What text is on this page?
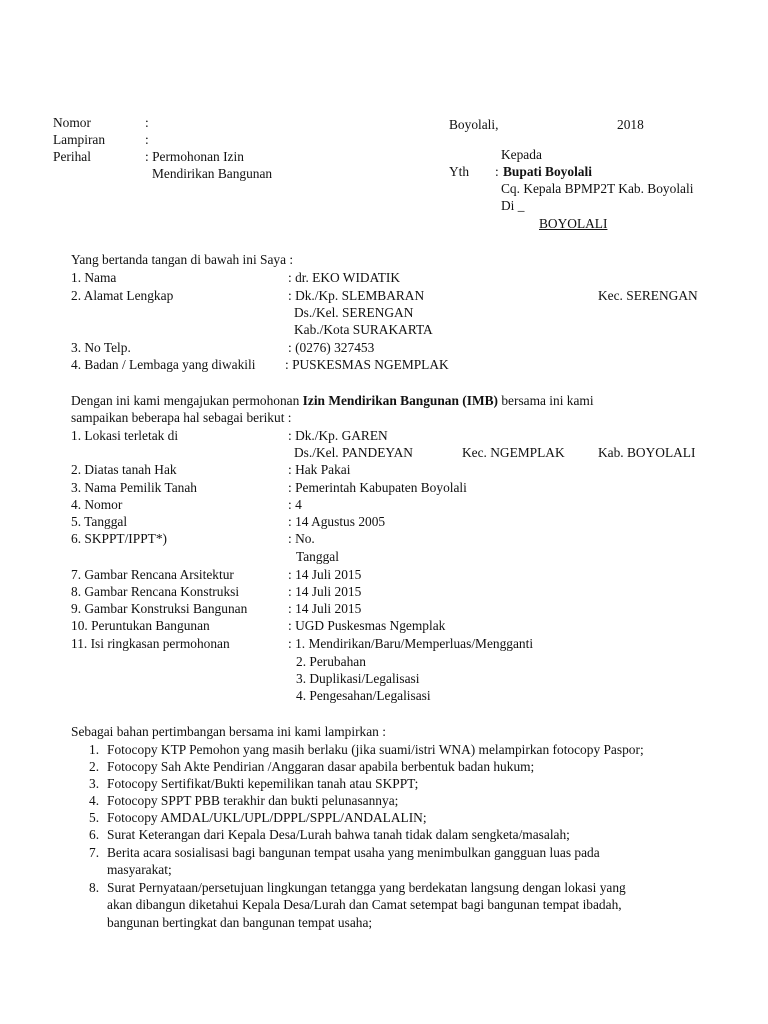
Nomor	:
Lampiran	:
Perihal	: Permohonan Izin
Mendirikan Bangunan
Boyolali,	2018
Kepada
Yth : Bupati Boyolali
Cq. Kepala BPMP2T Kab. Boyolali
Di _
BOYOLALI
Yang bertanda tangan di bawah ini Saya :
1. Nama	: dr. EKO WIDATIK
2. Alamat Lengkap	: Dk./Kp. SLEMBARAN	Kec. SERENGAN
Ds./Kel. SERENGAN
Kab./Kota SURAKARTA
3. No Telp.	: (0276) 327453
4. Badan / Lembaga yang diwakili : PUSKESMAS NGEMPLAK
Dengan ini kami mengajukan permohonan Izin Mendirikan Bangunan (IMB) bersama ini kami
sampaikan beberapa hal sebagai berikut :
1. Lokasi terletak di	: Dk./Kp. GAREN
Ds./Kel. PANDEYAN	Kec. NGEMPLAK Kab. BOYOLALI
2. Diatas tanah Hak	: Hak Pakai
3. Nama Pemilik Tanah	: Pemerintah Kabupaten Boyolali
4. Nomor	: 4
5. Tanggal	: 14 Agustus 2005
6. SKPPT/IPPT*)	: No.
Tanggal
7. Gambar Rencana Arsitektur	: 14 Juli 2015
8. Gambar Rencana Konstruksi	: 14 Juli 2015
9. Gambar Konstruksi Bangunan	: 14 Juli 2015
10. Peruntukan Bangunan	: UGD Puskesmas Ngemplak
11. Isi ringkasan permohonan	: 1. Mendirikan/Baru/Memperluas/Mengganti
2. Perubahan
3. Duplikasi/Legalisasi
4. Pengesahan/Legalisasi
Sebagai bahan pertimbangan bersama ini kami lampirkan :
1. Fotocopy KTP Pemohon yang masih berlaku (jika suami/istri WNA) melampirkan fotocopy Paspor;
2. Fotocopy Sah Akte Pendirian /Anggaran dasar apabila berbentuk badan hukum;
3. Fotocopy Sertifikat/Bukti kepemilikan tanah atau SKPPT;
4. Fotocopy SPPT PBB terakhir dan bukti pelunasannya;
5. Fotocopy AMDAL/UKL/UPL/DPPL/SPPL/ANDALALIN;
6. Surat Keterangan dari Kepala Desa/Lurah bahwa tanah tidak dalam sengketa/masalah;
7. Berita acara sosialisasi bagi bangunan tempat usaha yang menimbulkan gangguan luas pada
masyarakat;
8. Surat Pernyataan/persetujuan lingkungan tetangga yang berdekatan langsung dengan lokasi yang
akan dibangun diketahui Kepala Desa/Lurah dan Camat setempat bagi bangunan tempat ibadah,
bangunan bertingkat dan bangunan tempat usaha;
